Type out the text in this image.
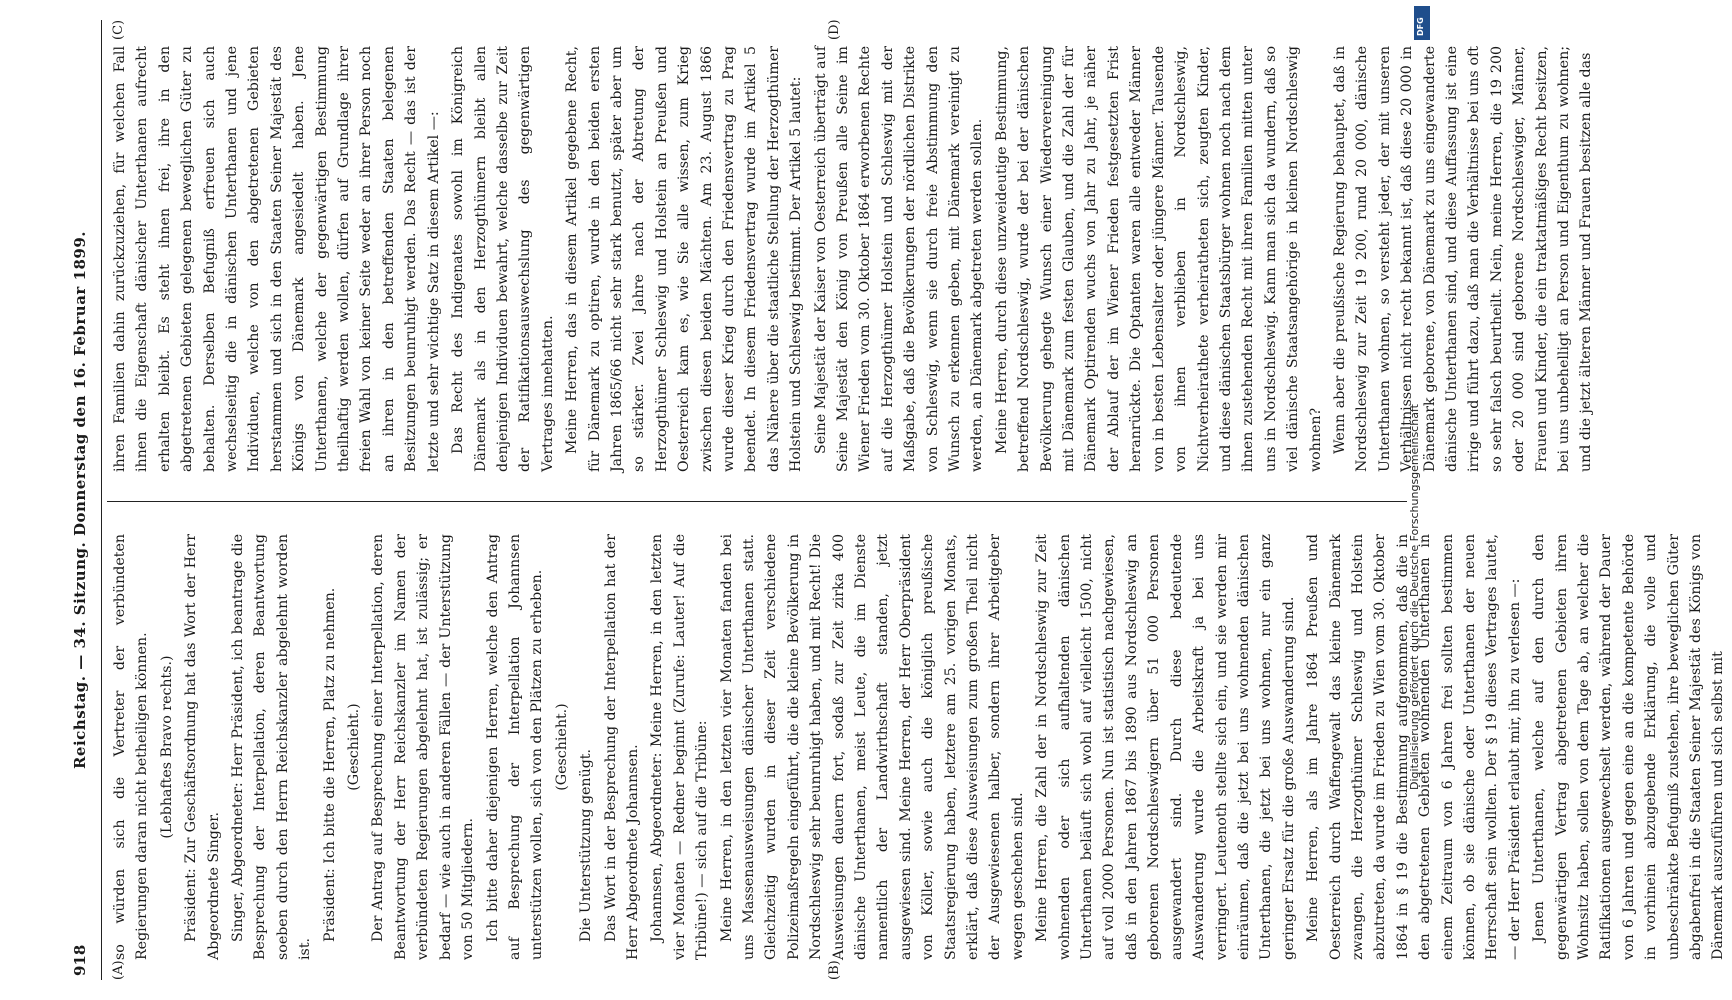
918
Reichstag. — 34. Sitzung. Donnerstag den 16. Februar 1899.
(A)	(B)
(C)	(D)

so würden sich die Vertreter der verbündeten Regierungen daran nicht betheiligen können. (Lebhaftes Bravo rechts.) Präsident: Zur Geschäftsordnung hat das Wort der Herr Abgeordnete Singer. Singer, Abgeordneter: Herr Präsident, ich beantrage die Besprechung der Interpellation, deren Beantwortung soeben durch den Herrn Reichskanzler abgelehnt worden ist.

Präsident: Ich bitte die Herren, Platz zu nehmen. (Geschieht.) Der Antrag auf Besprechung einer Interpellation, deren Beantwortung der Herr Reichskanzler im Namen der verbündeten Regierungen abgelehnt hat, ist zulässig; er bedarf — wie auch in anderen Fällen — der Unterstützung von 50 Mitgliedern. Ich bitte daher diejenigen Herren, welche den Antrag auf Besprechung der Interpellation Johannsen unterstützen wollen, sich von den Plätzen zu erheben. (Geschieht.)

Die Unterstützung genügt. Das Wort in der Besprechung der Interpellation hat der Herr Abgeordnete Johannsen. Johannsen, Abgeordneter: Meine Herren, in den letzten vier Monaten — Redner beginnt (Zurufe: Lauter! Auf die Tribüne!) — sich auf die Tribüne: Meine Herren, in den letzten vier Monaten fanden bei uns Massenausweisungen dänischer Unterthanen statt. Gleichzeitig wurden in dieser Zeit verschiedene Polizeimaßregeln eingeführt, die die kleine Bevölkerung in Nordschleswig sehr beunruhigt haben, und mit Recht! Die Ausweisungen dauern fort, sodaß zur Zeit zirka 400 dänische Unterthanen, meist Leute, die im Dienste namentlich der Landwirthschaft standen, jetzt ausgewiesen sind. Meine Herren, der Herr Oberpräsident von Köller, sowie auch die königlich preußische Staatsregierung haben, letztere am 25. vorigen Monats, erklärt, daß diese Ausweisungen zum großen Theil nicht der Ausgewiesenen halber, sondern ihrer Arbeitgeber wegen geschehen sind. Meine Herren, die Zahl der in Nordschleswig zur Zeit wohnenden oder sich aufhaltenden dänischen Unterthanen beläuft sich wohl auf vielleicht 1500, nicht auf voll 2000 Personen. Nun ist statistisch nachgewiesen, daß in den Jahren 1867 bis 1890 aus Nordschleswig an geborenen Nordschleswigern über 51 000 Personen ausgewandert sind. Durch diese bedeutende Auswanderung wurde die Arbeitskraft ja bei uns verringert. Leutenoth stellte sich ein, und sie werden mir einräumen, daß die jetzt bei uns wohnenden dänischen Unterthanen, die jetzt bei uns wohnen, nur ein ganz geringer Ersatz für die große Auswanderung sind. Meine Herren, als im Jahre 1864 Preußen und Oesterreich durch Waffengewalt das kleine Dänemark zwangen, die Herzogthümer Schleswig und Holstein abzutreten, da wurde im Frieden zu Wien vom 30. Oktober 1864 in § 19 die Bestimmung aufgenommen, daß die in den abgetretenen Gebieten wohnenden Unterthanen in einem Zeitraum von 6 Jahren frei sollten bestimmen können, ob sie dänische oder Unterthanen der neuen Herrschaft sein wollten. Der § 19 dieses Vertrages lautet, — der Herr Präsident erlaubt mir, ihn zu verlesen —: Jenen Unterthanen, welche auf den durch den gegenwärtigen Vertrag abgetretenen Gebieten ihren Wohnsitz haben, sollen von dem Tage ab, an welcher die Ratifikationen ausgewechselt werden, während der Dauer von 6 Jahren und gegen eine an die kompetente Behörde in vorhinein abzugebende Erklärung, die volle und unbeschränkte Befugniß zustehen, ihre beweglichen Güter abgabenfrei in die Staaten Seiner Majestät des Königs von Dänemark auszuführen und sich selbst mit

ihren Familien dahin zurückzuziehen, für welchen Fall ihnen die Eigenschaft dänischer Unterthanen aufrecht erhalten bleibt. Es steht ihnen frei, ihre in den abgetretenen Gebieten gelegenen beweglichen Güter zu behalten. Derselben Befugniß erfreuen sich auch wechselseitig die in dänischen Unterthanen und jene Individuen, welche von den abgetretenen Gebieten herstammen und sich in den Staaten Seiner Majestät des Königs von Dänemark angesiedelt haben. Jene Unterthanen, welche der gegenwärtigen Bestimmung theilhaftig werden wollen, dürfen auf Grundlage ihrer freien Wahl von keiner Seite weder an ihrer Person noch an ihren in den betreffenden Staaten belegenen Besitzungen beunruhigt werden. Das Recht — das ist der letzte und sehr wichtige Satz in diesem Artikel —: Das Recht des Indigenates sowohl im Königreich Dänemark als in den Herzogthümern bleibt allen denjenigen Individuen bewahrt, welche dasselbe zur Zeit der Ratifikationsauswechslung des gegenwärtigen Vertrages innehatten. Meine Herren, das in diesem Artikel gegebene Recht, für Dänemark zu optiren, wurde in den beiden ersten Jahren 1865/66 nicht sehr stark benutzt, später aber um so stärker. Zwei Jahre nach der Abtretung der Herzogthümer Schleswig und Holstein an Preußen und Oesterreich kam es, wie Sie alle wissen, zum Krieg zwischen diesen beiden Mächten. Am 23. August 1866 wurde dieser Krieg durch den Friedensvertrag zu Prag beendet. In diesem Friedensvertrag wurde im Artikel 5 das Nähere über die staatliche Stellung der Herzogthümer Holstein und Schleswig bestimmt. Der Artikel 5 lautet: Seine Majestät der Kaiser von Oesterreich überträgt auf Seine Majestät den König von Preußen alle Seine im Wiener Frieden vom 30. Oktober 1864 erworbenen Rechte auf die Herzogthümer Holstein und Schleswig mit der Maßgabe, daß die Bevölkerungen der nördlichen Distrikte von Schleswig, wenn sie durch freie Abstimmung den Wunsch zu erkennen geben, mit Dänemark vereinigt zu werden, an Dänemark abgetreten werden sollen. Meine Herren, durch diese unzweideutige Bestimmung, betreffend Nordschleswig, wurde der bei der dänischen Bevölkerung gehegte Wunsch einer Wiedervereinigung mit Dänemark zum festen Glauben, und die Zahl der für Dänemark Optirenden wuchs von Jahr zu Jahr, je näher der Ablauf der im Wiener Frieden festgesetzten Frist heranrückte. Die Optanten waren alle entweder Männer von in besten Lebensalter oder jüngere Männer. Tausende von ihnen verblieben in Nordschleswig, Nichtverheirathete verheiratheten sich, zeugten Kinder, und diese dänischen Staatsbürger wohnen noch nach dem ihnen zustehenden Recht mit ihren Familien mitten unter uns in Nordschleswig. Kann man sich da wundern, daß so viel dänische Staatsangehörige in kleinen Nordschleswig wohnen? Wenn aber die preußische Regierung behauptet, daß in Nordschleswig zur Zeit 19 200, rund 20 000, dänische Unterthanen wohnen, so versteht jeder, der mit unseren Verhältnissen nicht recht bekannt ist, daß diese 20 000 in Dänemark geborene, von Dänemark zu uns eingewanderte dänische Unterthanen sind, und diese Auffassung ist eine irrige und führt dazu, daß man die Verhältnisse bei uns oft so sehr falsch beurtheilt. Nein, meine Herren, die 19 200 oder 20 000 sind geborene Nordschleswiger, Männer, Frauen und Kinder, die ein traktatmäßiges Recht besitzen, bei uns unbehelligt an Person und Eigenthum zu wohnen; und die jetzt älteren Männer und Frauen besitzen alle das

Digitalisierung gefördert durch die Deutsche Forschungsgemeinschaft
DFG
